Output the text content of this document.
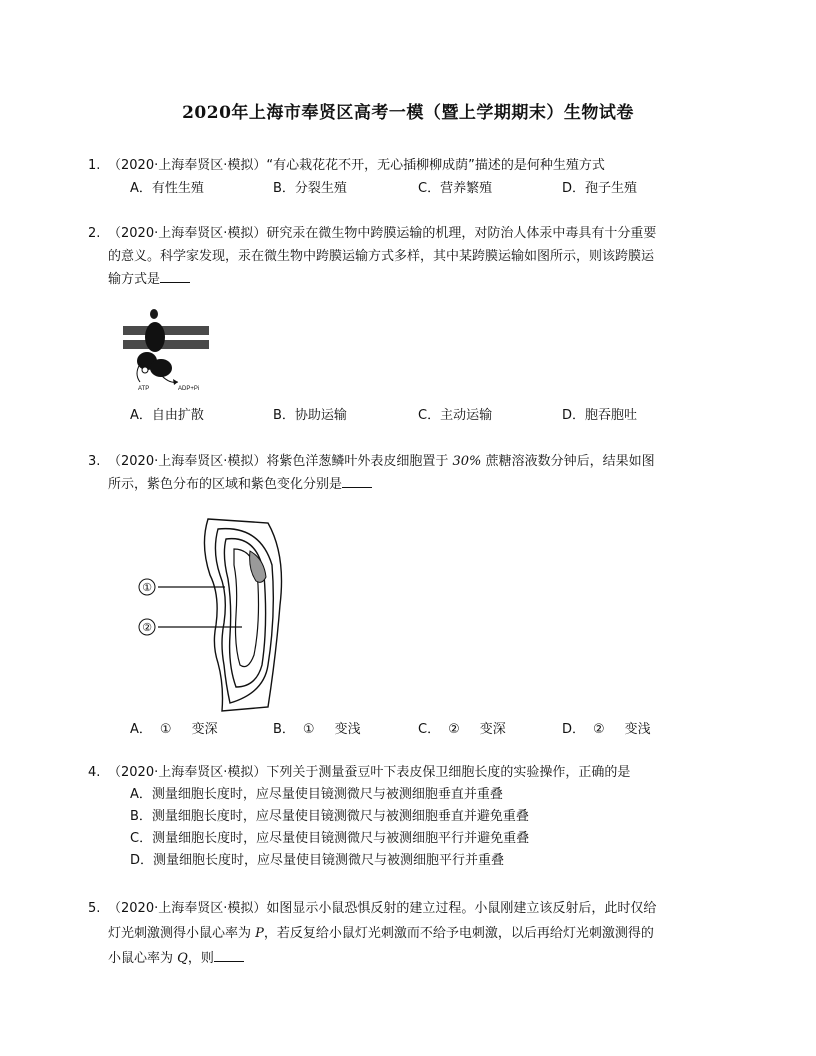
2020年上海市奉贤区高考一模（暨上学期期末）生物试卷
1. （2020·上海奉贤区·模拟）“有心栽花花不开，无心插柳柳成荫”描述的是何种生殖方式
A．有性生殖	B．分裂生殖	C．营养繁殖	D．孢子生殖
2. （2020·上海奉贤区·模拟）研究汞在微生物中跨膜运输的机理，对防治人体汞中毒具有十分重要
的意义。科学家发现，汞在微生物中跨膜运输方式多样，其中某跨膜运输如图所示，则该跨膜运
输方式是
ATP	ADP+Pi
A．自由扩散	B．协助运输	C．主动运输	D．胞吞胞吐
3. （2020·上海奉贤区·模拟）将紫色洋葱鳞叶外表皮细胞置于 30% 蔗糖溶液数分钟后，结果如图
所示，紫色分布的区域和紫色变化分别是
①
②
A． ① 变深	B． ① 变浅	C． ② 变深	D． ② 变浅
4. （2020·上海奉贤区·模拟）下列关于测量蚕豆叶下表皮保卫细胞长度的实验操作，正确的是
A．测量细胞长度时，应尽量使目镜测微尺与被测细胞垂直并重叠
B．测量细胞长度时，应尽量使目镜测微尺与被测细胞垂直并避免重叠
C．测量细胞长度时，应尽量使目镜测微尺与被测细胞平行并避免重叠
D．测量细胞长度时，应尽量使目镜测微尺与被测细胞平行并重叠
5. （2020·上海奉贤区·模拟）如图显示小鼠恐惧反射的建立过程。小鼠刚建立该反射后，此时仅给
灯光刺激测得小鼠心率为 P，若反复给小鼠灯光刺激而不给予电刺激，以后再给灯光刺激测得的
小鼠心率为 Q，则
